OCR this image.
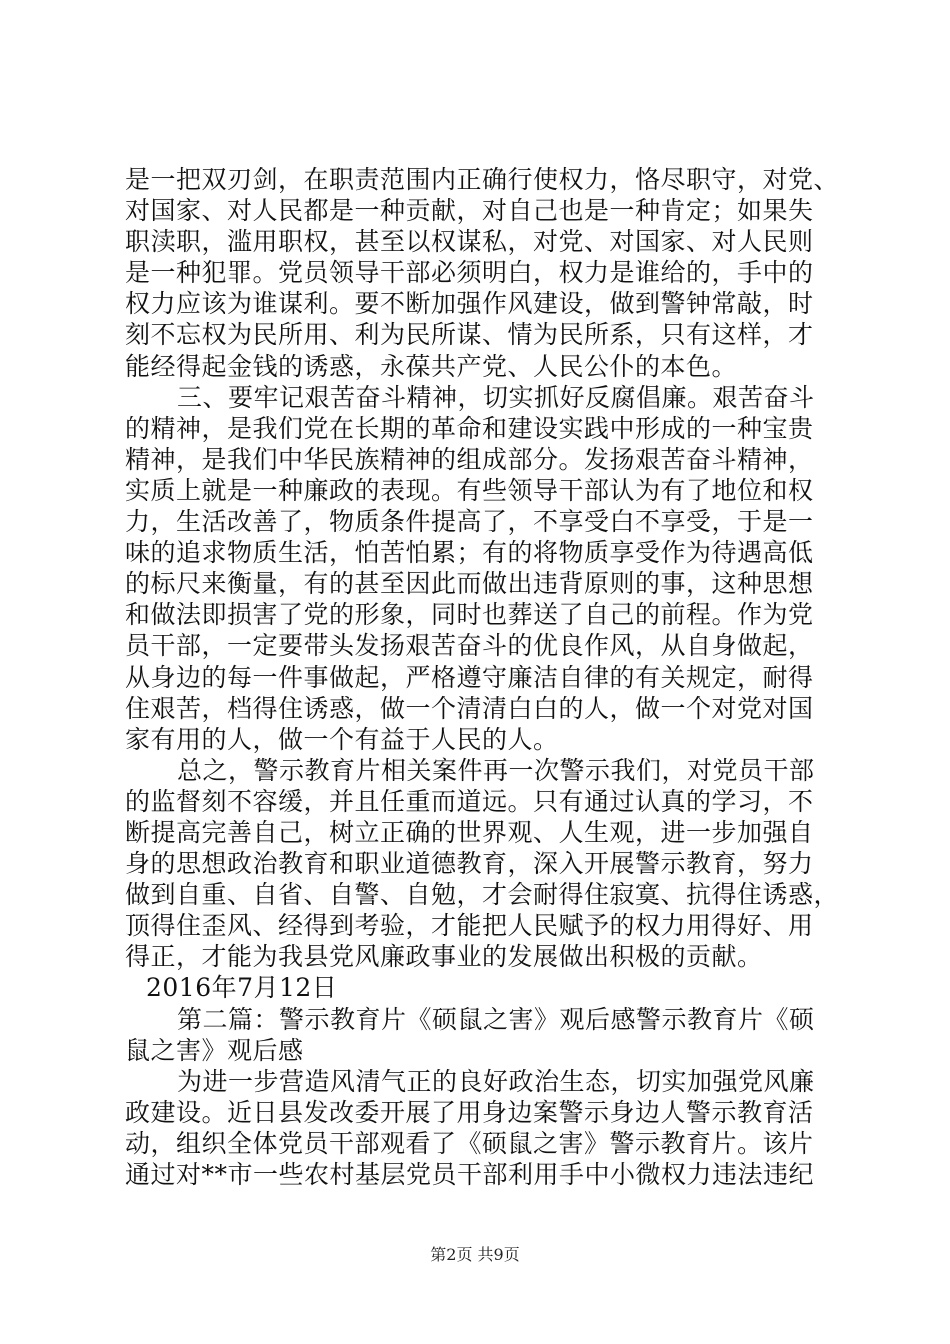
是一把双刃剑，在职责范围内正确行使权力，恪尽职守，对党、
对国家、对人民都是一种贡献，对自己也是一种肯定；如果失
职渎职，滥用职权，甚至以权谋私，对党、对国家、对人民则
是一种犯罪。党员领导干部必须明白，权力是谁给的，手中的
权力应该为谁谋利。要不断加强作风建设，做到警钟常敲，时
刻不忘权为民所用、利为民所谋、情为民所系，只有这样，才
能经得起金钱的诱惑，永葆共产党、人民公仆的本色。
三、要牢记艰苦奋斗精神，切实抓好反腐倡廉。艰苦奋斗
的精神，是我们党在长期的革命和建设实践中形成的一种宝贵
精神，是我们中华民族精神的组成部分。发扬艰苦奋斗精神，
实质上就是一种廉政的表现。有些领导干部认为有了地位和权
力，生活改善了，物质条件提高了，不享受白不享受，于是一
味的追求物质生活，怕苦怕累；有的将物质享受作为待遇高低
的标尺来衡量，有的甚至因此而做出违背原则的事，这种思想
和做法即损害了党的形象，同时也葬送了自己的前程。作为党
员干部，一定要带头发扬艰苦奋斗的优良作风，从自身做起，
从身边的每一件事做起，严格遵守廉洁自律的有关规定，耐得
住艰苦，档得住诱惑，做一个清清白白的人，做一个对党对国
家有用的人，做一个有益于人民的人。
总之，警示教育片相关案件再一次警示我们，对党员干部
的监督刻不容缓，并且任重而道远。只有通过认真的学习，不
断提高完善自己，树立正确的世界观、人生观，进一步加强自
身的思想政治教育和职业道德教育，深入开展警示教育，努力
做到自重、自省、自警、自勉，才会耐得住寂寞、抗得住诱惑，
顶得住歪风、经得到考验，才能把人民赋予的权力用得好、用
得正，才能为我县党风廉政事业的发展做出积极的贡献。
2016年7月12日
第二篇：警示教育片《硕鼠之害》观后感警示教育片《硕
鼠之害》观后感
为进一步营造风清气正的良好政治生态，切实加强党风廉
政建设。近日县发改委开展了用身边案警示身边人警示教育活
动，组织全体党员干部观看了《硕鼠之害》警示教育片。该片
通过对**市一些农村基层党员干部利用手中小微权力违法违纪
第2页 共9页
